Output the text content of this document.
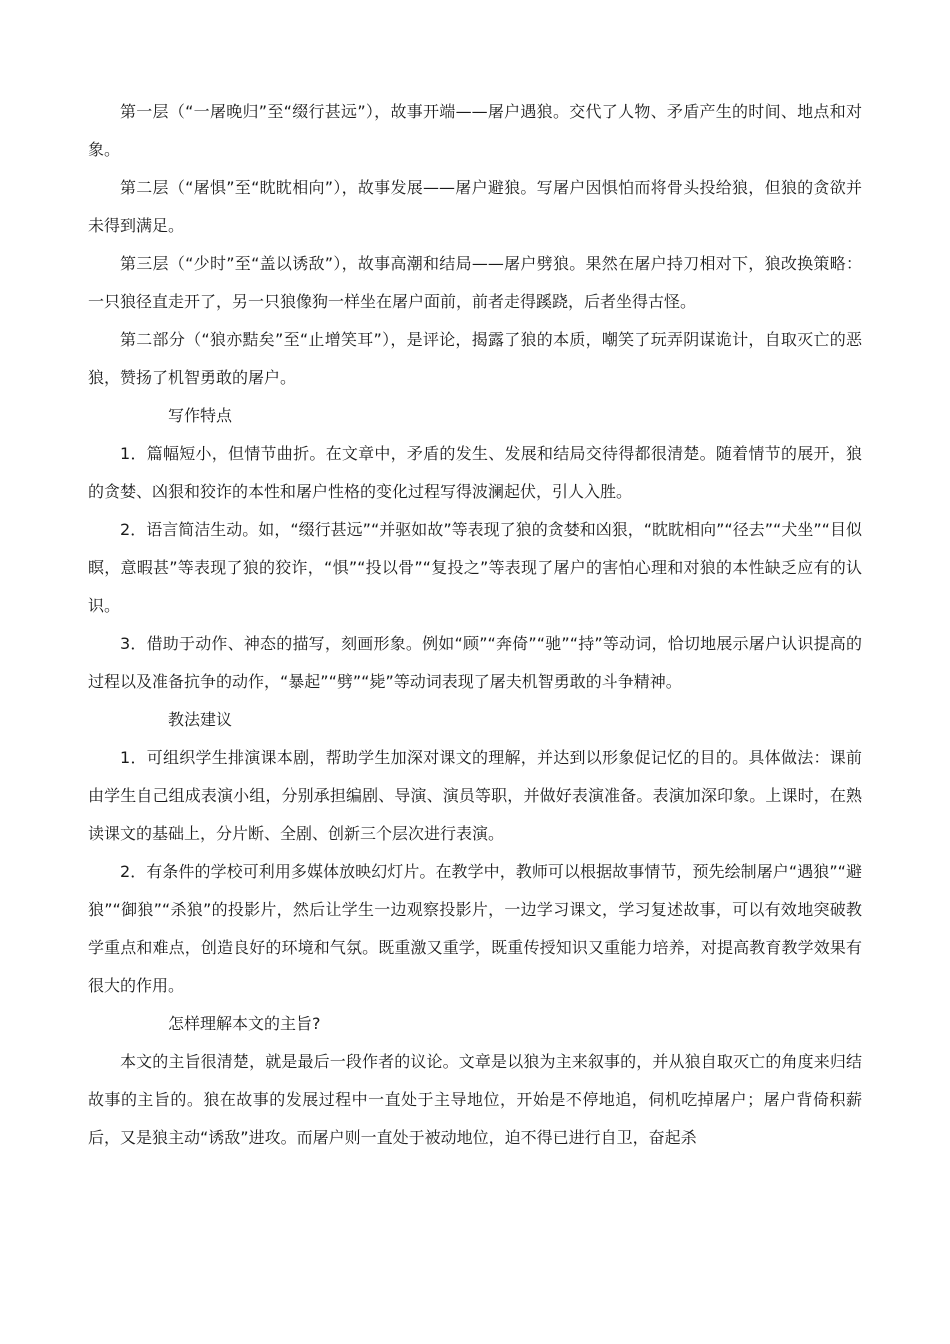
第一层（“一屠晚归”至“缀行甚远”），故事开端——屠户遇狼。交代了人物、矛盾产生的时间、地点和对象。

第二层（“屠惧”至“眈眈相向”），故事发展——屠户避狼。写屠户因惧怕而将骨头投给狼，但狼的贪欲并未得到满足。

第三层（“少时”至“盖以诱敌”），故事高潮和结局——屠户劈狼。果然在屠户持刀相对下，狼改换策略：一只狼径直走开了，另一只狼像狗一样坐在屠户面前，前者走得蹊跷，后者坐得古怪。

第二部分（“狼亦黠矣”至“止增笑耳”），是评论，揭露了狼的本质，嘲笑了玩弄阴谋诡计，自取灭亡的恶狼，赞扬了机智勇敢的屠户。

写作特点

1．篇幅短小，但情节曲折。在文章中，矛盾的发生、发展和结局交待得都很清楚。随着情节的展开，狼的贪婪、凶狠和狡诈的本性和屠户性格的变化过程写得波澜起伏，引人入胜。

2．语言简洁生动。如，“缀行甚远”“并驱如故”等表现了狼的贪婪和凶狠，“眈眈相向”“径去”“犬坐”“目似瞑，意暇甚”等表现了狼的狡诈，“惧”“投以骨”“复投之”等表现了屠户的害怕心理和对狼的本性缺乏应有的认识。

3．借助于动作、神态的描写，刻画形象。例如“顾”“奔倚”“驰”“持”等动词，恰切地展示屠户认识提高的过程以及准备抗争的动作，“暴起”“劈”“毙”等动词表现了屠夫机智勇敢的斗争精神。

教法建议

1．可组织学生排演课本剧，帮助学生加深对课文的理解，并达到以形象促记忆的目的。具体做法：课前由学生自己组成表演小组，分别承担编剧、导演、演员等职，并做好表演准备。表演加深印象。上课时，在熟读课文的基础上，分片断、全剧、创新三个层次进行表演。

2．有条件的学校可利用多媒体放映幻灯片。在教学中，教师可以根据故事情节，预先绘制屠户“遇狼”“避狼”“御狼”“杀狼”的投影片，然后让学生一边观察投影片，一边学习课文，学习复述故事，可以有效地突破教学重点和难点，创造良好的环境和气氛。既重激又重学，既重传授知识又重能力培养，对提高教育教学效果有很大的作用。

怎样理解本文的主旨?

本文的主旨很清楚，就是最后一段作者的议论。文章是以狼为主来叙事的，并从狼自取灭亡的角度来归结故事的主旨的。狼在故事的发展过程中一直处于主导地位，开始是不停地追，伺机吃掉屠户；屠户背倚积薪后，又是狼主动“诱敌”进攻。而屠户则一直处于被动地位，迫不得已进行自卫，奋起杀
